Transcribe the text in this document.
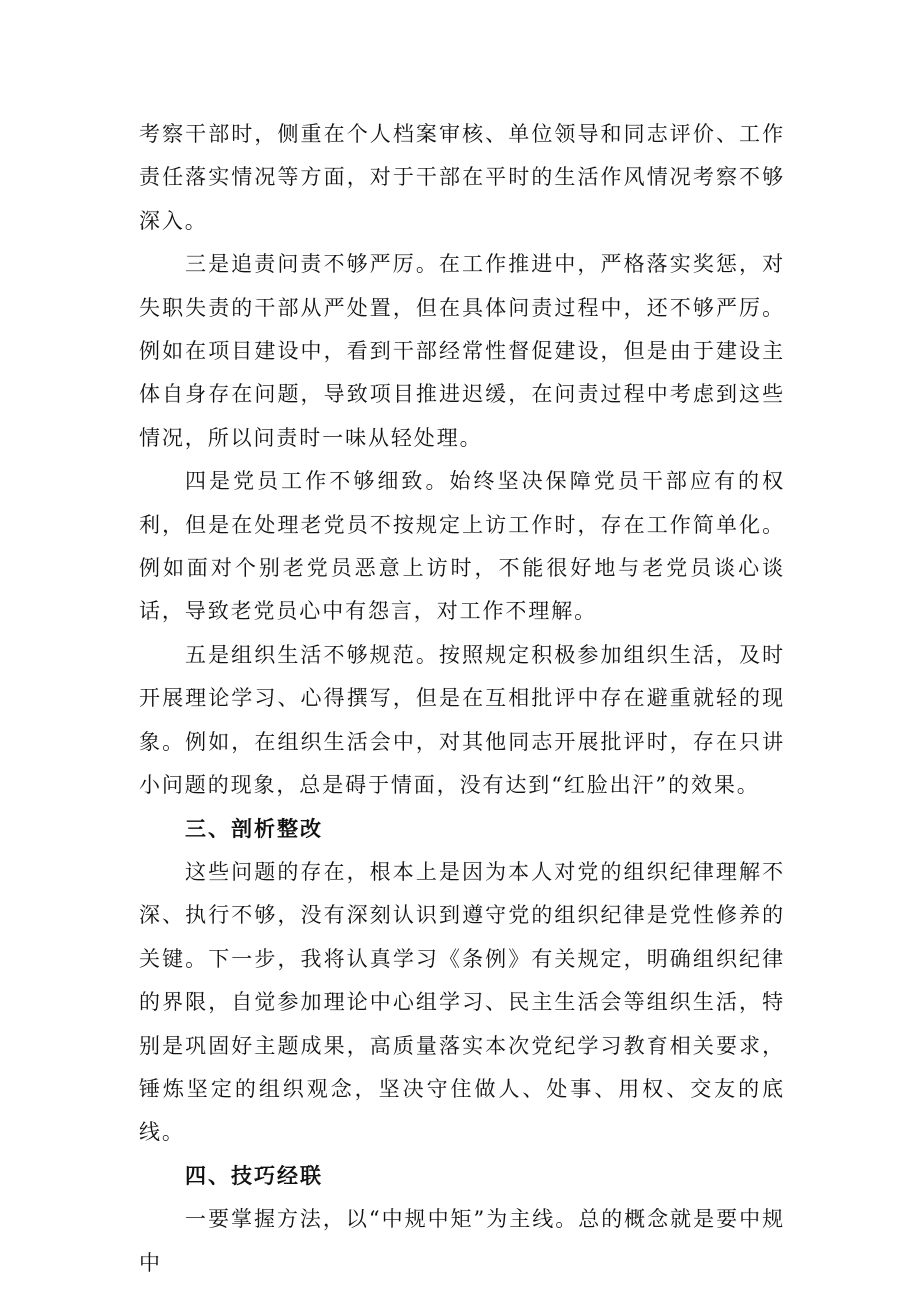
考察干部时，侧重在个人档案审核、单位领导和同志评价、工作责任落实情况等方面，对于干部在平时的生活作风情况考察不够深入。

三是追责问责不够严厉。在工作推进中，严格落实奖惩，对失职失责的干部从严处置，但在具体问责过程中，还不够严厉。例如在项目建设中，看到干部经常性督促建设，但是由于建设主体自身存在问题，导致项目推进迟缓，在问责过程中考虑到这些情况，所以问责时一味从轻处理。

四是党员工作不够细致。始终坚决保障党员干部应有的权利，但是在处理老党员不按规定上访工作时，存在工作简单化。例如面对个别老党员恶意上访时，不能很好地与老党员谈心谈话，导致老党员心中有怨言，对工作不理解。

五是组织生活不够规范。按照规定积极参加组织生活，及时开展理论学习、心得撰写，但是在互相批评中存在避重就轻的现象。例如，在组织生活会中，对其他同志开展批评时，存在只讲小问题的现象，总是碍于情面，没有达到“红脸出汗”的效果。

三、剖析整改

这些问题的存在，根本上是因为本人对党的组织纪律理解不深、执行不够，没有深刻认识到遵守党的组织纪律是党性修养的关键。下一步，我将认真学习《条例》有关规定，明确组织纪律的界限，自觉参加理论中心组学习、民主生活会等组织生活，特别是巩固好主题成果，高质量落实本次党纪学习教育相关要求，锤炼坚定的组织观念，坚决守住做人、处事、用权、交友的底线。

四、技巧经联

一要掌握方法，以“中规中矩”为主线。总的概念就是要中规中
